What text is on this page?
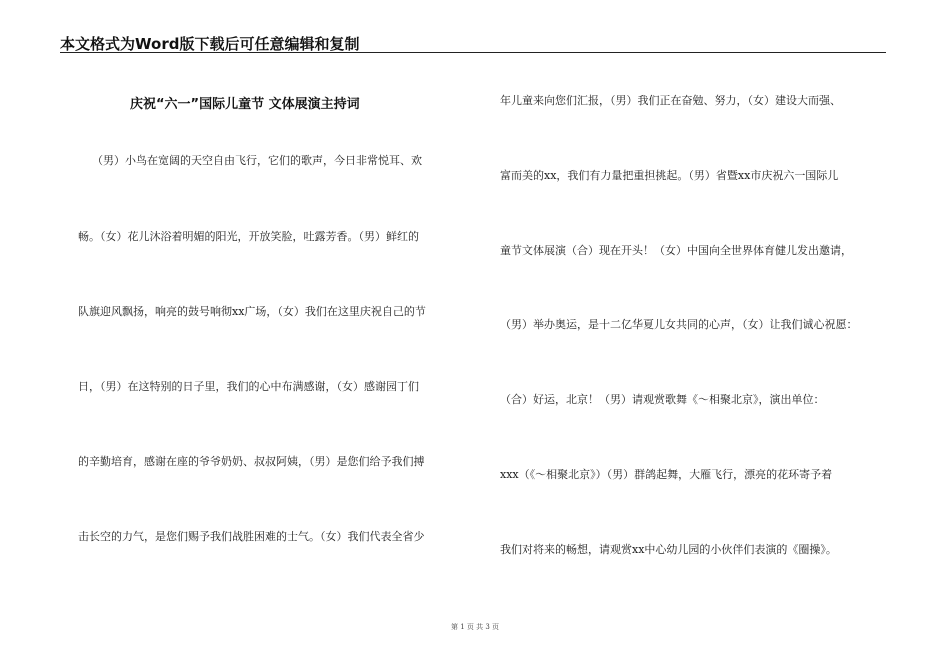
本文格式为Word版下载后可任意编辑和复制
庆祝“六一”国际儿童节 文体展演主持词
（男）小鸟在宽阔的天空自由飞行，它们的歌声，今日非常悦耳、欢
畅。（女）花儿沐浴着明媚的阳光，开放笑脸，吐露芳香。（男）鲜红的
队旗迎风飘扬，响亮的鼓号响彻xx广场，（女）我们在这里庆祝自己的节
日，（男）在这特别的日子里，我们的心中布满感谢，（女）感谢园丁们
的辛勤培育，感谢在座的爷爷奶奶、叔叔阿姨，（男）是您们给予我们搏
击长空的力气，是您们赐予我们战胜困难的士气。（女）我们代表全省少
年儿童来向您们汇报，（男）我们正在奋勉、努力，（女）建设大而强、
富而美的xx，我们有力量把重担挑起。（男）省暨xx市庆祝六一国际儿
童节文体展演（合）现在开头！（女）中国向全世界体育健儿发出邀请，
（男）举办奥运，是十二亿华夏儿女共同的心声，（女）让我们诚心祝愿：
（合）好运，北京！（男）请观赏歌舞《～相聚北京》，演出单位：
xxx（《～相聚北京》）（男）群鸽起舞，大雁飞行，漂亮的花环寄予着
我们对将来的畅想，请观赏xx中心幼儿园的小伙伴们表演的《圈操》。
第 1 页 共 3 页
